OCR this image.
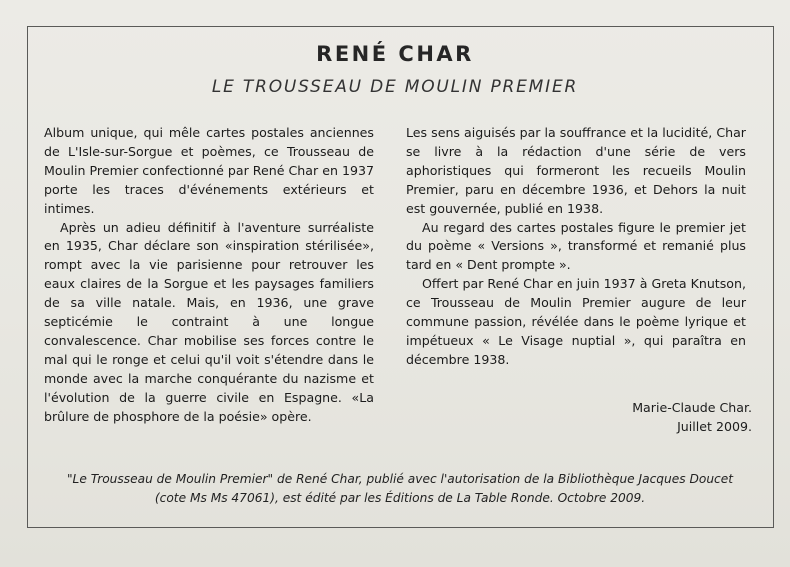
RENÉ CHAR
LE TROUSSEAU DE MOULIN PREMIER

Album unique, qui mêle cartes postales anciennes de L'Isle-sur-Sorgue et poèmes, ce Trousseau de Moulin Premier confectionné par René Char en 1937 porte les traces d'événements extérieurs et intimes.

Après un adieu définitif à l'aventure surréaliste en 1935, Char déclare son «inspiration stérilisée», rompt avec la vie parisienne pour retrouver les eaux claires de la Sorgue et les paysages familiers de sa ville natale. Mais, en 1936, une grave septicémie le contraint à une longue convalescence. Char mobilise ses forces contre le mal qui le ronge et celui qu'il voit s'étendre dans le monde avec la marche conquérante du nazisme et l'évolution de la guerre civile en Espagne. «La brûlure de phosphore de la poésie» opère.

Les sens aiguisés par la souffrance et la lucidité, Char se livre à la rédaction d'une série de vers aphoristiques qui formeront les recueils Moulin Premier, paru en décembre 1936, et Dehors la nuit est gouvernée, publié en 1938.

Au regard des cartes postales figure le premier jet du poème « Versions », transformé et remanié plus tard en « Dent prompte ».

Offert par René Char en juin 1937 à Greta Knutson, ce Trousseau de Moulin Premier augure de leur commune passion, révélée dans le poème lyrique et impétueux « Le Visage nuptial », qui paraîtra en décembre 1938.

Marie-Claude Char.
Juillet 2009.
"Le Trousseau de Moulin Premier" de René Char, publié avec l'autorisation de la Bibliothèque Jacques Doucet
(cote Ms Ms 47061), est édité par les Éditions de La Table Ronde. Octobre 2009.
